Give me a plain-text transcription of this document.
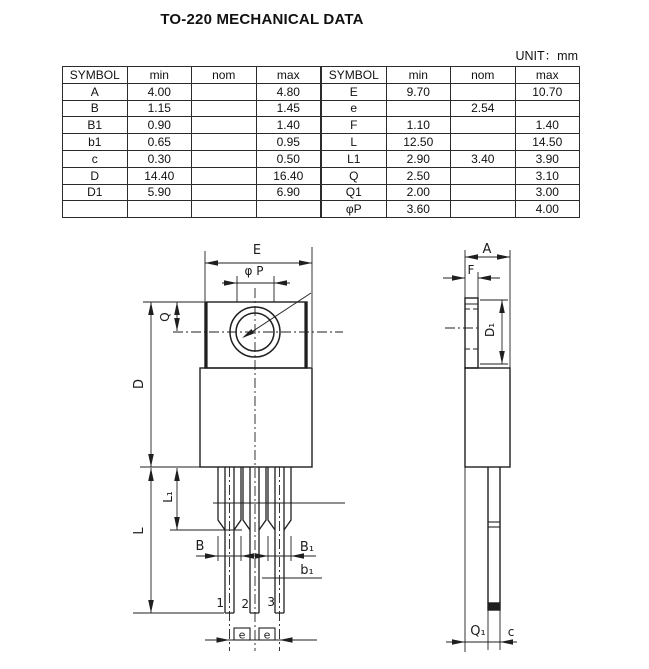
E
φ P
D
Q
L
L₁
B	B₁
b₁
1 2 3
e e
A
F
D₁
Q₁ c
TO-220 MECHANICAL DATA
UNIT：mm
SYMBOL	min	nom	max	SYMBOL	min	nom	max
A	4.00		4.80	E	9.70		10.70
B	1.15		1.45	e		2.54	
B1	0.90		1.40	F	1.10		1.40
b1	0.65		0.95	L	12.50		14.50
c	0.30		0.50	L1	2.90	3.40	3.90
D	14.40		16.40	Q	2.50		3.10
D1	5.90		6.90	Q1	2.00		3.00
				φP	3.60		4.00
